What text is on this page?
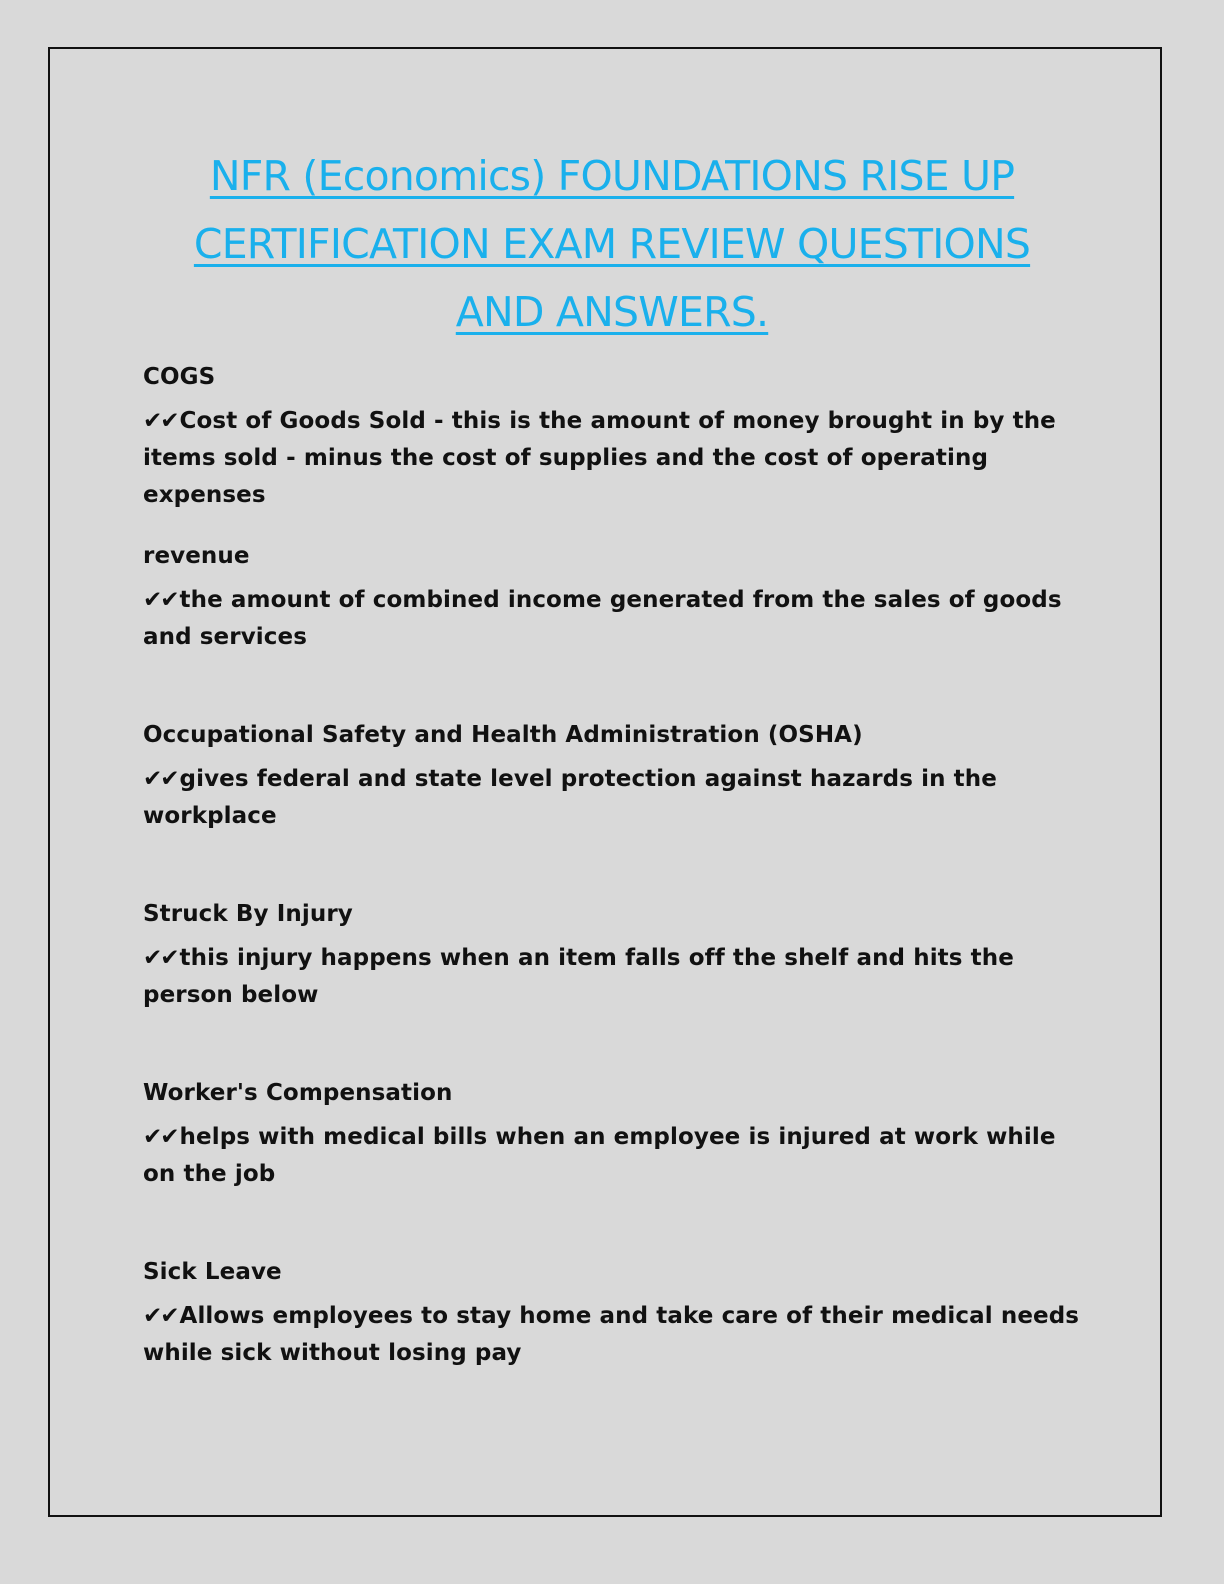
NFR (Economics) FOUNDATIONS RISE UP
CERTIFICATION EXAM REVIEW QUESTIONS
AND ANSWERS.
COGS
✔✔Cost of Goods Sold - this is the amount of money brought in by the items sold - minus the cost of supplies and the cost of operating expenses
revenue
✔✔the amount of combined income generated from the sales of goods and services
Occupational Safety and Health Administration (OSHA)
✔✔gives federal and state level protection against hazards in the workplace
Struck By Injury
✔✔this injury happens when an item falls off the shelf and hits the person below
Worker's Compensation
✔✔helps with medical bills when an employee is injured at work while on the job
Sick Leave
✔✔Allows employees to stay home and take care of their medical needs while sick without losing pay
